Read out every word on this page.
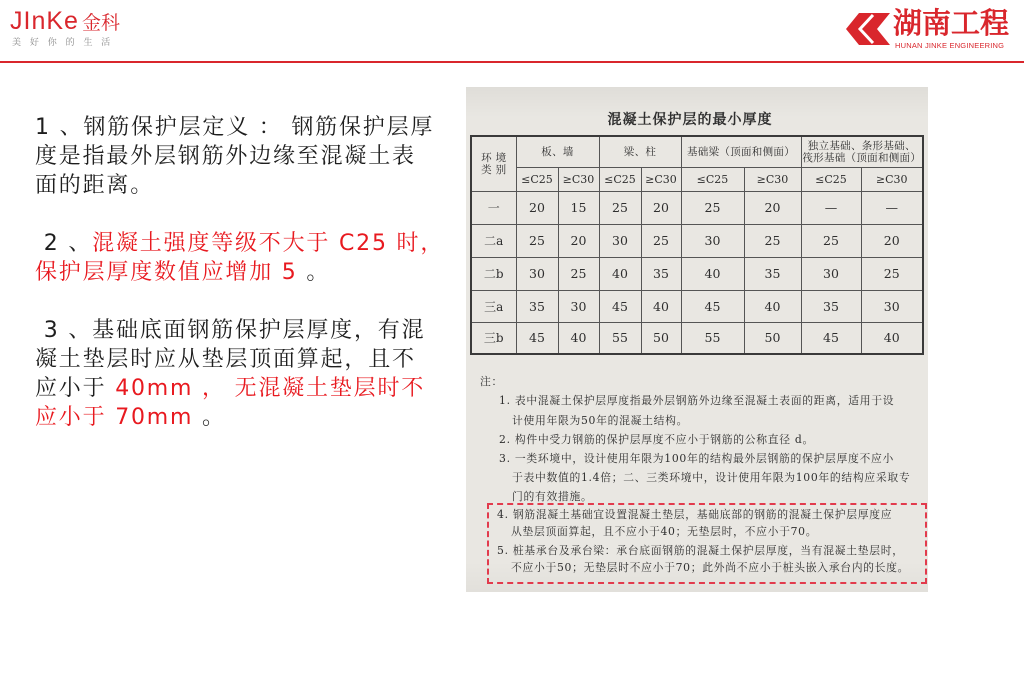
JInKe 金科
美 好 你 的 生 活
湖南工程
HUNAN JINKE ENGINEERING
1 、钢筋保护层定义 ： 钢筋保护层厚
度是指最外层钢筋外边缘至混凝土表
面的距离。
2 、混凝土强度等级不大于 C25 时，
保护层厚度数值应增加 5 。
3 、基础底面钢筋保护层厚度，有混
凝土垫层时应从垫层顶面算起，且不
应小于 40mm ， 无混凝土垫层时不
应小于 70mm 。
混凝土保护层的最小厚度
环 境
类 别	板、墙		梁、柱		基础梁（顶面和侧面）		独立基础、条形基础、
筏形基础（顶面和侧面）	
	≤C25	≥C30	≤C25	≥C30	≤C25	≥C30	≤C25	≥C30
一	20	15	25	20	25	20	—	—
二a	25	20	30	25	30	25	25	20
二b	30	25	40	35	40	35	30	25
三a	35	30	45	40	45	40	35	30
三b	45	40	55	50	55	50	45	40
注：
1. 表中混凝土保护层厚度指最外层钢筋外边缘至混凝土表面的距离，适用于设
计使用年限为50年的混凝土结构。
2. 构件中受力钢筋的保护层厚度不应小于钢筋的公称直径 d。
3. 一类环境中，设计使用年限为100年的结构最外层钢筋的保护层厚度不应小
于表中数值的1.4倍；二、三类环境中，设计使用年限为100年的结构应采取专
门的有效措施。
4. 钢筋混凝土基础宜设置混凝土垫层，基础底部的钢筋的混凝土保护层厚度应
从垫层顶面算起，且不应小于40；无垫层时，不应小于70。
5. 桩基承台及承台梁：承台底面钢筋的混凝土保护层厚度，当有混凝土垫层时，
不应小于50；无垫层时不应小于70；此外尚不应小于桩头嵌入承台内的长度。
